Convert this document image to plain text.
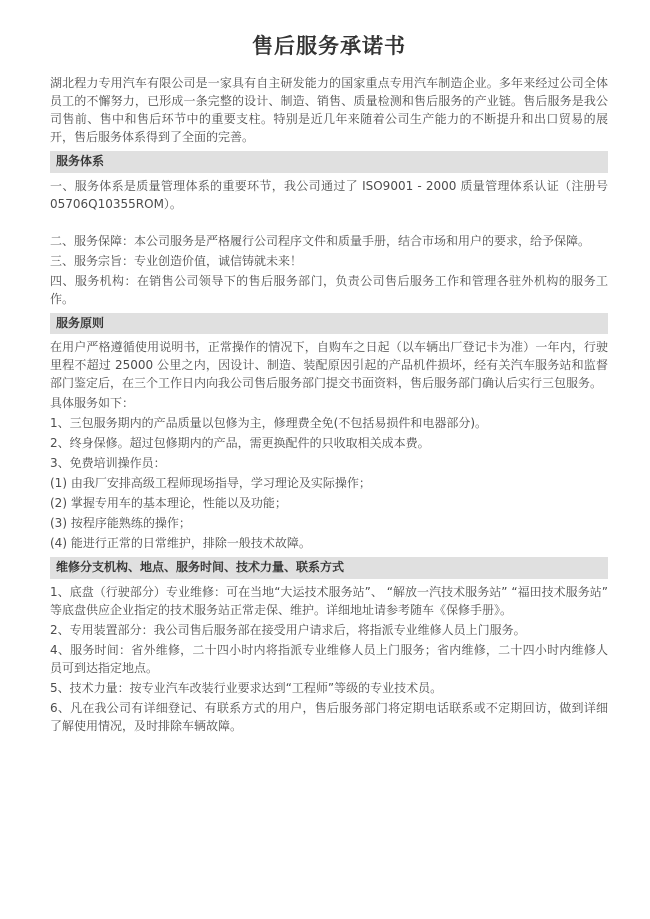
售后服务承诺书

湖北程力专用汽车有限公司是一家具有自主研发能力的国家重点专用汽车制造企业。多年来经过公司全体员工的不懈努力，已形成一条完整的设计、制造、销售、质量检测和售后服务的产业链。售后服务是我公司售前、售中和售后环节中的重要支柱。特别是近几年来随着公司生产能力的不断提升和出口贸易的展开，售后服务体系得到了全面的完善。

服务体系

一、服务体系是质量管理体系的重要环节，我公司通过了 ISO9001 - 2000 质量管理体系认证（注册号 05706Q10355ROM）。

二、服务保障：本公司服务是严格履行公司程序文件和质量手册，结合市场和用户的要求，给予保障。

三、服务宗旨：专业创造价值，诚信铸就未来！

四、服务机构：在销售公司领导下的售后服务部门，负责公司售后服务工作和管理各驻外机构的服务工作。

服务原则

在用户严格遵循使用说明书，正常操作的情况下，自购车之日起（以车辆出厂登记卡为准）一年内，行驶里程不超过 25000 公里之内，因设计、制造、装配原因引起的产品机件损坏，经有关汽车服务站和监督部门鉴定后，在三个工作日内向我公司售后服务部门提交书面资料，售后服务部门确认后实行三包服务。

具体服务如下：

1、三包服务期内的产品质量以包修为主，修理费全免(不包括易损件和电器部分)。

2、终身保修。超过包修期内的产品，需更换配件的只收取相关成本费。

3、免费培训操作员：

(1) 由我厂安排高级工程师现场指导，学习理论及实际操作；

(2) 掌握专用车的基本理论，性能以及功能；

(3) 按程序能熟练的操作；

(4) 能进行正常的日常维护，排除一般技术故障。

维修分支机构、地点、服务时间、技术力量、联系方式

1、底盘（行驶部分）专业维修：可在当地“大运技术服务站”、 “解放一汽技术服务站” “福田技术服务站” 等底盘供应企业指定的技术服务站正常走保、维护。详细地址请参考随车《保修手册》。

2、专用装置部分：我公司售后服务部在接受用户请求后，将指派专业维修人员上门服务。

4、服务时间：省外维修，二十四小时内将指派专业维修人员上门服务；省内维修，二十四小时内维修人员可到达指定地点。

5、技术力量：按专业汽车改装行业要求达到“工程师”等级的专业技术员。

6、凡在我公司有详细登记、有联系方式的用户，售后服务部门将定期电话联系或不定期回访，做到详细了解使用情况，及时排除车辆故障。
